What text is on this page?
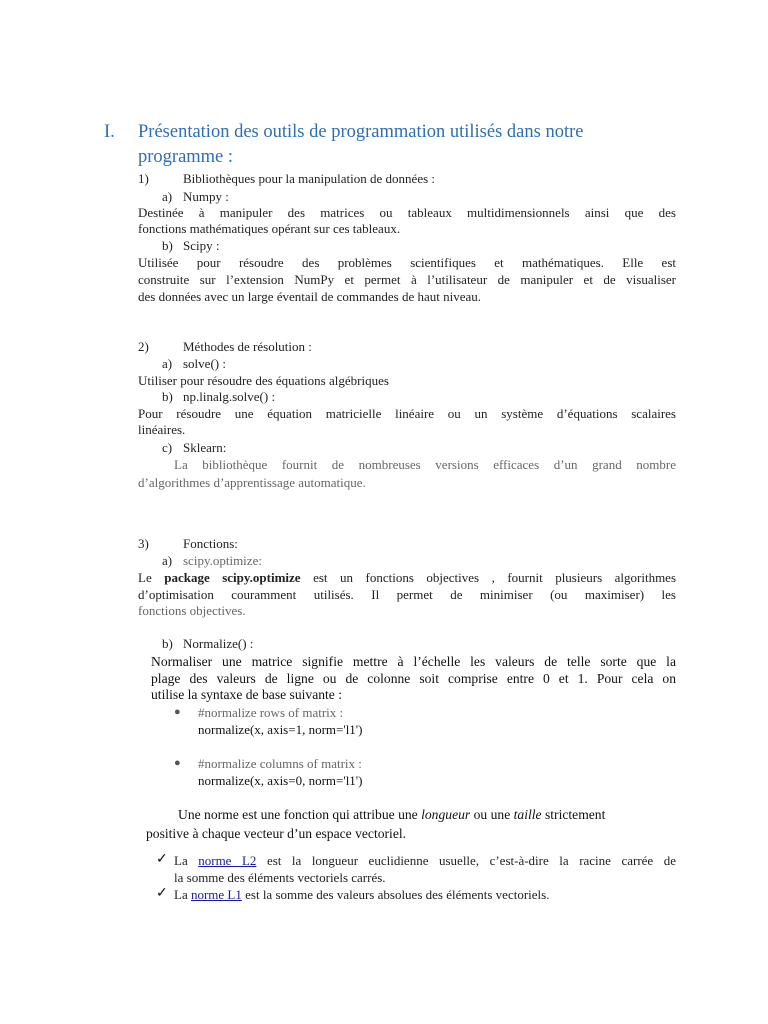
I. Présentation des outils de programmation utilisés dans notre
programme :
1)	Bibliothèques pour la manipulation de données :
a) Numpy :
Destinée à manipuler des matrices ou tableaux multidimensionnels ainsi que des
fonctions mathématiques opérant sur ces tableaux.
b) Scipy :
Utilisée pour résoudre des problèmes scientifiques et mathématiques. Elle est
construite sur l’extension NumPy et permet à l’utilisateur de manipuler et de visualiser
des données avec un large éventail de commandes de haut niveau.
2)	Méthodes de résolution :
a) solve() :
Utiliser pour résoudre des équations algébriques
b) np.linalg.solve() :
Pour résoudre une équation matricielle linéaire ou un système d’équations scalaires
linéaires.
c) Sklearn:
La bibliothèque fournit de nombreuses versions efficaces d’un grand nombre
d’algorithmes d’apprentissage automatique.
3)	Fonctions:
a) scipy.optimize:
Le package scipy.optimize est un fonctions objectives , fournit plusieurs algorithmes
d’optimisation couramment utilisés. Il permet de minimiser (ou maximiser) les
fonctions objectives.
b) Normalize() :
Normaliser une matrice signifie mettre à l’échelle les valeurs de telle sorte que la
plage des valeurs de ligne ou de colonne soit comprise entre 0 et 1. Pour cela on
utilise la syntaxe de base suivante :
● #normalize rows of matrix :
normalize(x, axis=1, norm='l1')
● #normalize columns of matrix :
normalize(x, axis=0, norm='l1')
Une norme est une fonction qui attribue une longueur ou une taille strictement
positive à chaque vecteur d’un espace vectoriel.
✓ La norme L2 est la longueur euclidienne usuelle, c’est-à-dire la racine carrée de
la somme des éléments vectoriels carrés.
✓ La norme L1 est la somme des valeurs absolues des éléments vectoriels.
